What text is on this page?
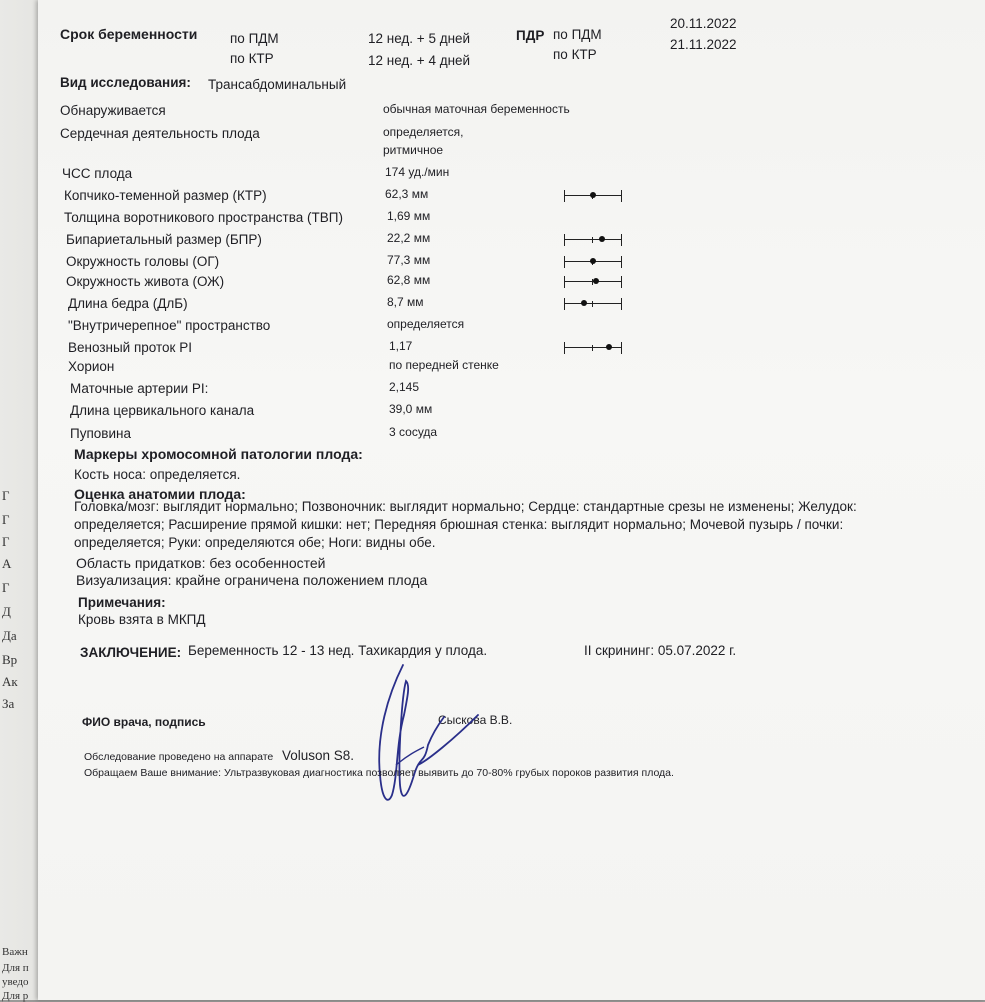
Г
Г
Г
А
Г
Д
Да
Вр
Ак
За
Важн
Для п
уведо
Для р
Срок беременности по ПДМ	12 нед. + 5 дней	ПДР по ПДМ
20.11.2022
по КТР	12 нед. + 4 дней	по КТР
21.11.2022
Вид исследования: Трансабдоминальный
Обнаруживается	обычная маточная беременность
Сердечная деятельность плода	определяется,
ритмичное
ЧСС плода	174 уд./мин
Копчико-теменной размер (КТР)	62,3 мм
Толщина воротникового пространства (ТВП)	1,69 мм
Бипариетальный размер (БПР)	22,2 мм
Окружность головы (ОГ)	77,3 мм
Окружность живота (ОЖ)	62,8 мм
Длина бедра (ДлБ)	8,7 мм
"Внутричерепное" пространство	определяется
Венозный проток PI	1,17
Хорион	по передней стенке
Маточные артерии PI:	2,145
Длина цервикального канала	39,0 мм
Пуповина	3 сосуда
Маркеры хромосомной патологии плода:
Кость носа: определяется.
Оценка анатомии плода:
Головка/мозг: выглядит нормально; Позвоночник: выглядит нормально; Сердце: стандартные срезы не изменены; Желудок:
определяется; Расширение прямой кишки: нет; Передняя брюшная стенка: выглядит нормально; Мочевой пузырь / почки:
определяется; Руки: определяются обе; Ноги: видны обе.
Область придатков: без особенностей
Визуализация: крайне ограничена положением плода
Примечания:
Кровь взята в МКПД
ЗАКЛЮЧЕНИЕ: Беременность 12 - 13 нед. Тахикардия у плода.	II скрининг: 05.07.2022 г.
ФИО врача, подпись	Сыскова В.В.
Обследование проведено на аппарате Voluson S8.
Обращаем Ваше внимание: Ультразвуковая диагностика позволяет выявить до 70-80% грубых пороков развития плода.
